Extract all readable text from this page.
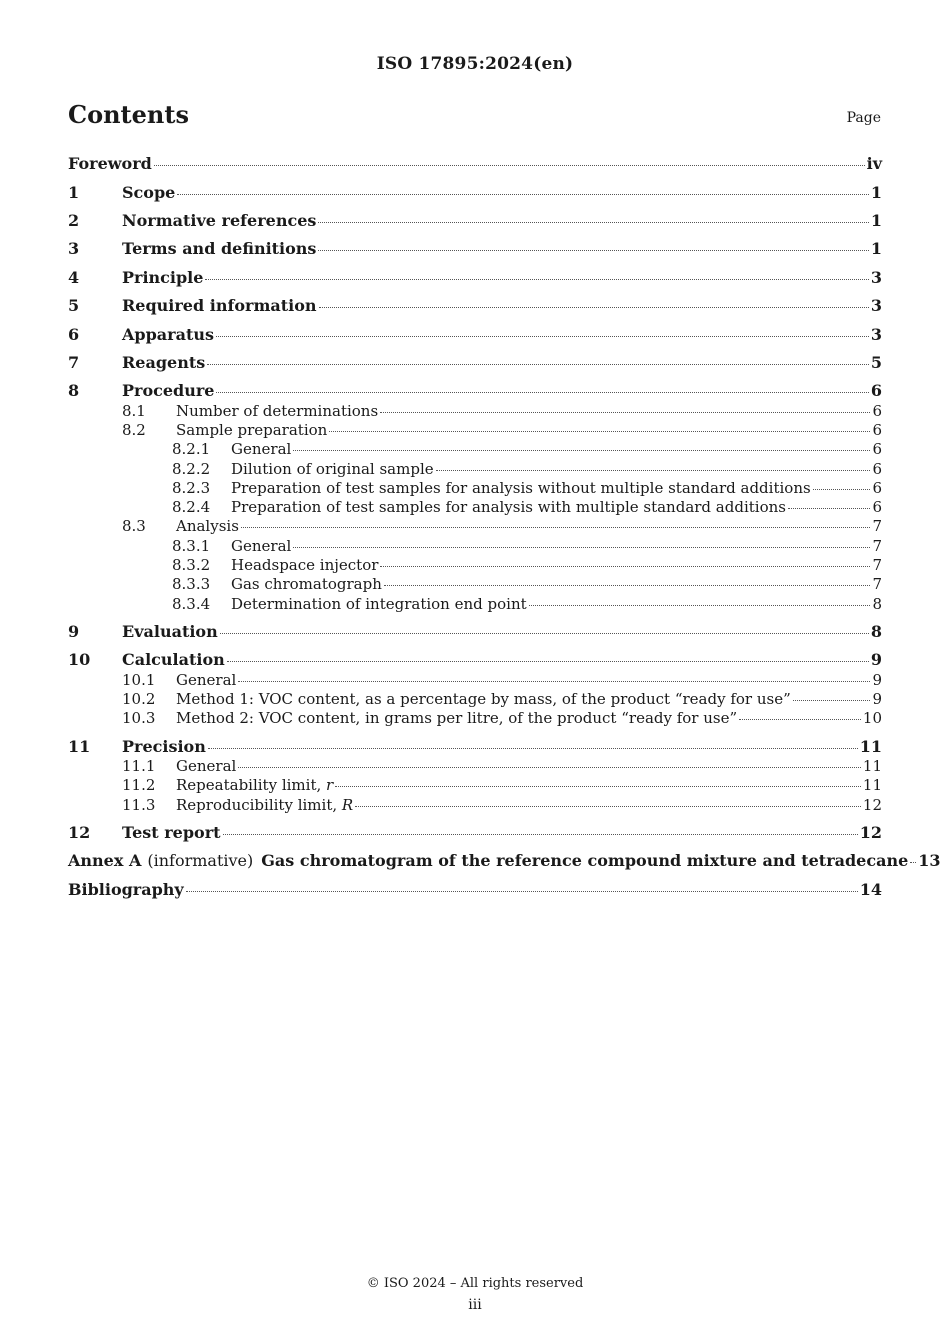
ISO 17895:2024(en)
Contents	Page
Foreword	iv
1	Scope	1
2	Normative references	1
3	Terms and definitions	1
4	Principle	3
5	Required information	3
6	Apparatus	3
7	Reagents	5
8	Procedure	6
8.1	Number of determinations	6
8.2	Sample preparation	6
8.2.1	General	6
8.2.2	Dilution of original sample	6
8.2.3	Preparation of test samples for analysis without multiple standard additions	6
8.2.4	Preparation of test samples for analysis with multiple standard additions	6
8.3	Analysis	7
8.3.1	General	7
8.3.2	Headspace injector	7
8.3.3	Gas chromatograph	7
8.3.4	Determination of integration end point	8
9	Evaluation	8
10	Calculation	9
10.1	General	9
10.2	Method 1: VOC content, as a percentage by mass, of the product “ready for use”	9
10.3	Method 2: VOC content, in grams per litre, of the product “ready for use”	10
11	Precision	11
11.1	General	11
11.2	Repeatability limit, r	11
11.3	Reproducibility limit, R	12
12	Test report	12
Annex A (informative) Gas chromatogram of the reference compound mixture and tetradecane 13
Bibliography	14
© ISO 2024 – All rights reserved
iii
